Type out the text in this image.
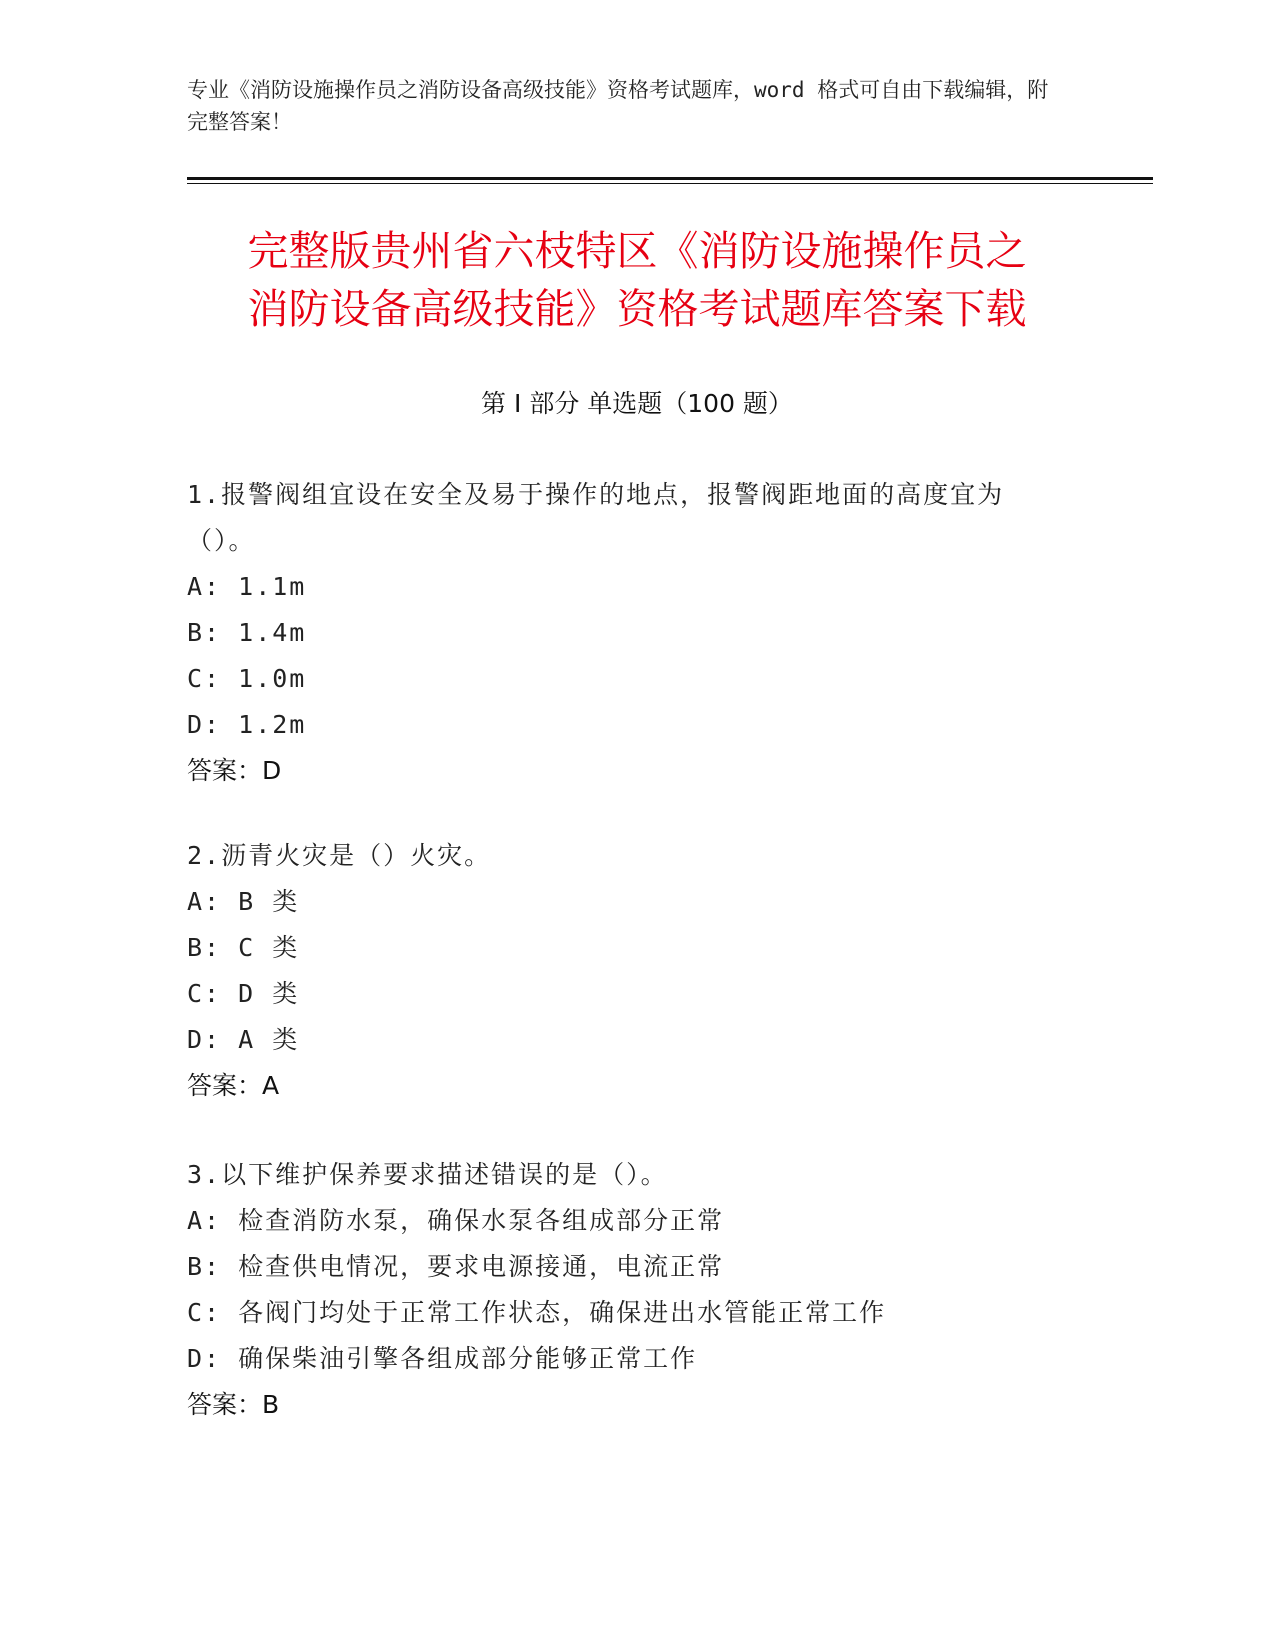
专业《消防设施操作员之消防设备高级技能》资格考试题库，word 格式可自由下载编辑，附完整答案！
完整版贵州省六枝特区《消防设施操作员之
消防设备高级技能》资格考试题库答案下载
第 I 部分 单选题（100 题）
1.报警阀组宜设在安全及易于操作的地点，报警阀距地面的高度宜为（）。
A: 1.1m
B: 1.4m
C: 1.0m
D: 1.2m
答案：D
2.沥青火灾是（）火灾。
A: B 类
B: C 类
C: D 类
D: A 类
答案：A
3.以下维护保养要求描述错误的是（）。
A: 检查消防水泵，确保水泵各组成部分正常
B: 检查供电情况，要求电源接通，电流正常
C: 各阀门均处于正常工作状态，确保进出水管能正常工作
D: 确保柴油引擎各组成部分能够正常工作
答案：B
